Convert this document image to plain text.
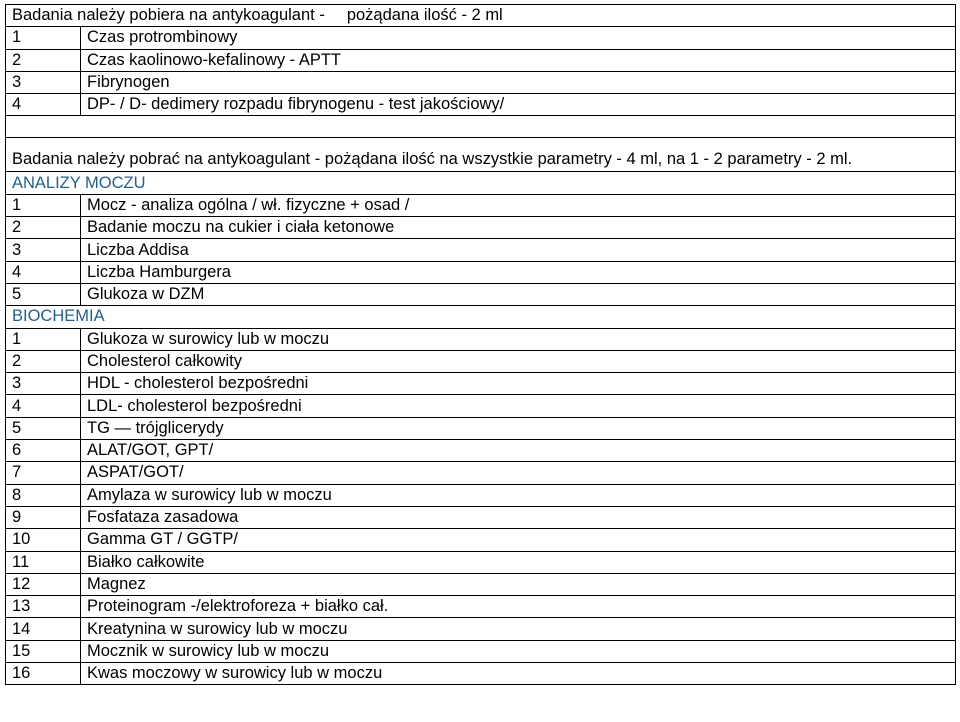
Badania należy pobiera na antykoagulant - pożądana ilość - 2 ml	
1	Czas protrombinowy
2	Czas kaolinowo-kefalinowy - APTT
3	Fibrynogen
4	DP- / D- dedimery rozpadu fibrynogenu - test jakościowy/

Badania należy pobrać na antykoagulant - pożądana ilość na wszystkie parametry - 4 ml, na 1 - 2 parametry - 2 ml.	
ANALIZY MOCZU	
1	Mocz - analiza ogólna / wł. fizyczne + osad /
2	Badanie moczu na cukier i ciała ketonowe
3	Liczba Addisa
4	Liczba Hamburgera
5	Glukoza w DZM
BIOCHEMIA	
1	Glukoza w surowicy lub w moczu
2	Cholesterol całkowity
3	HDL - cholesterol bezpośredni
4	LDL- cholesterol bezpośredni
5	TG — trójglicerydy
6	ALAT/GOT, GPT/
7	ASPAT/GOT/
8	Amylaza w surowicy lub w moczu
9	Fosfataza zasadowa
10	Gamma GT / GGTP/
11	Białko całkowite
12	Magnez
13	Proteinogram -/elektroforeza + białko cał.
14	Kreatynina w surowicy lub w moczu
15	Mocznik w surowicy lub w moczu
16	Kwas moczowy w surowicy lub w moczu
